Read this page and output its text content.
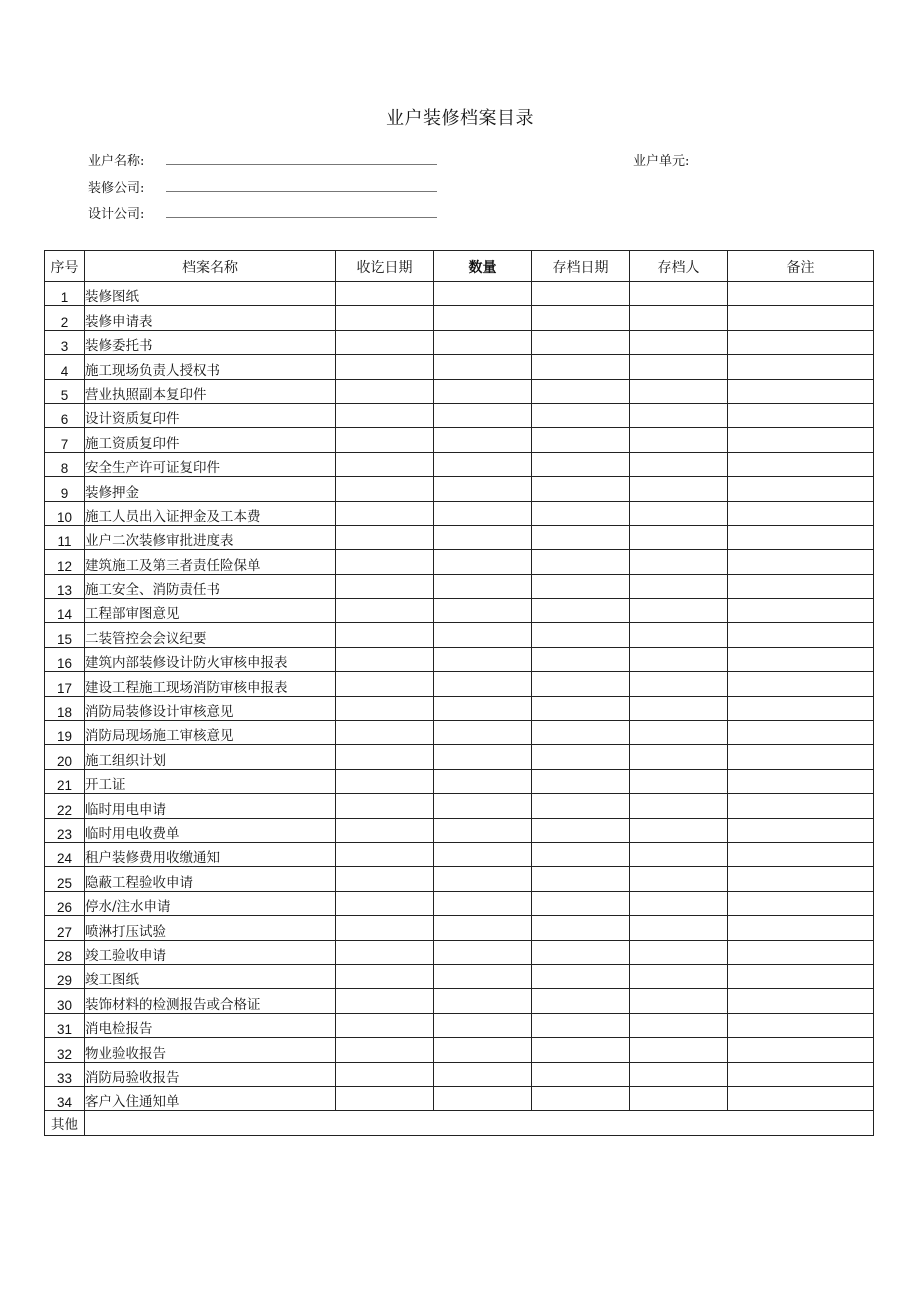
业户装修档案目录
业户名称:	业户单元:
装修公司:
设计公司:
序号	档案名称	收讫日期	数量	存档日期	存档人	备注
1	装修图纸					
2	装修申请表					
3	装修委托书					
4	施工现场负责人授权书					
5	营业执照副本复印件					
6	设计资质复印件					
7	施工资质复印件					
8	安全生产许可证复印件					
9	装修押金					
10	施工人员出入证押金及工本费					
11	业户二次装修审批进度表					
12	建筑施工及第三者责任险保单					
13	施工安全、消防责任书					
14	工程部审图意见					
15	二装管控会会议纪要					
16	建筑内部装修设计防火审核申报表					
17	建设工程施工现场消防审核申报表					
18	消防局装修设计审核意见					
19	消防局现场施工审核意见					
20	施工组织计划					
21	开工证					
22	临时用电申请					
23	临时用电收费单					
24	租户装修费用收缴通知					
25	隐蔽工程验收申请					
26	停水/注水申请					
27	喷淋打压试验					
28	竣工验收申请					
29	竣工图纸					
30	装饰材料的检测报告或合格证					
31	消电检报告					
32	物业验收报告					
33	消防局验收报告					
34	客户入住通知单					
其他						
